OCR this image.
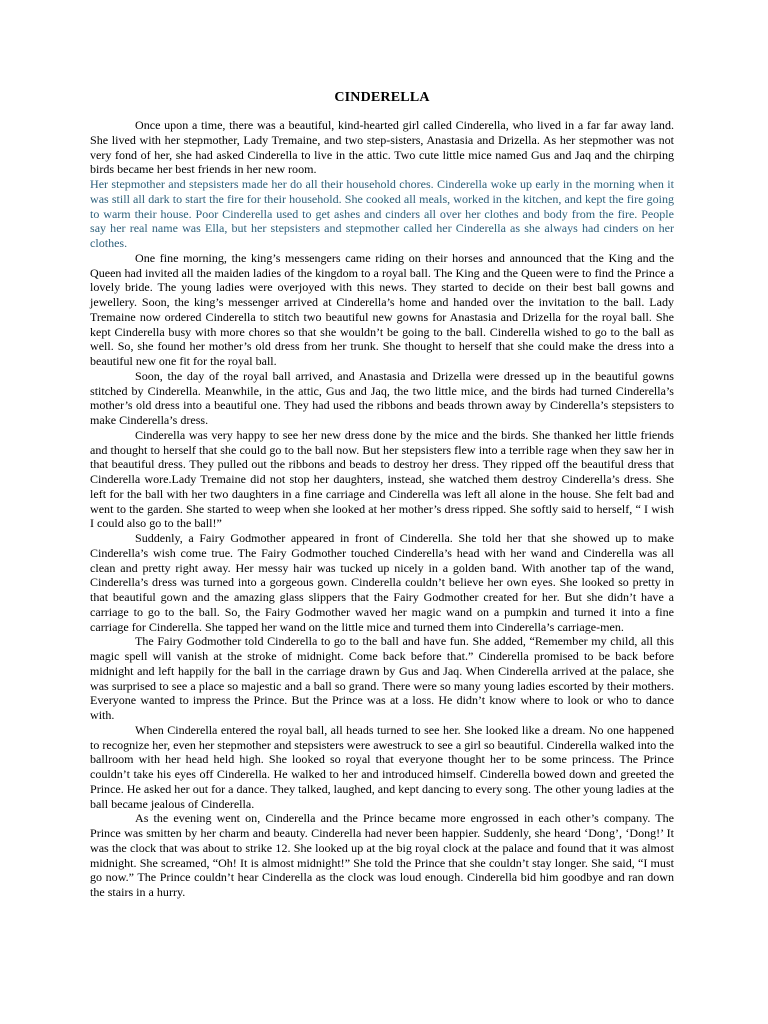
CINDERELLA

Once upon a time, there was a beautiful, kind-hearted girl called Cinderella, who lived in a far far away land. She lived with her stepmother, Lady Tremaine, and two step-sisters, Anastasia and Drizella. As her stepmother was not very fond of her, she had asked Cinderella to live in the attic. Two cute little mice named Gus and Jaq and the chirping birds became her best friends in her new room.

Her stepmother and stepsisters made her do all their household chores. Cinderella woke up early in the morning when it was still all dark to start the fire for their household. She cooked all meals, worked in the kitchen, and kept the fire going to warm their house. Poor Cinderella used to get ashes and cinders all over her clothes and body from the fire. People say her real name was Ella, but her stepsisters and stepmother called her Cinderella as she always had cinders on her clothes.

One fine morning, the king’s messengers came riding on their horses and announced that the King and the Queen had invited all the maiden ladies of the kingdom to a royal ball. The King and the Queen were to find the Prince a lovely bride. The young ladies were overjoyed with this news. They started to decide on their best ball gowns and jewellery. Soon, the king’s messenger arrived at Cinderella’s home and handed over the invitation to the ball. Lady Tremaine now ordered Cinderella to stitch two beautiful new gowns for Anastasia and Drizella for the royal ball. She kept Cinderella busy with more chores so that she wouldn’t be going to the ball. Cinderella wished to go to the ball as well. So, she found her mother’s old dress from her trunk. She thought to herself that she could make the dress into a beautiful new one fit for the royal ball.

Soon, the day of the royal ball arrived, and Anastasia and Drizella were dressed up in the beautiful gowns stitched by Cinderella. Meanwhile, in the attic, Gus and Jaq, the two little mice, and the birds had turned Cinderella’s mother’s old dress into a beautiful one. They had used the ribbons and beads thrown away by Cinderella’s stepsisters to make Cinderella’s dress.

Cinderella was very happy to see her new dress done by the mice and the birds. She thanked her little friends and thought to herself that she could go to the ball now. But her stepsisters flew into a terrible rage when they saw her in that beautiful dress. They pulled out the ribbons and beads to destroy her dress. They ripped off the beautiful dress that Cinderella wore.Lady Tremaine did not stop her daughters, instead, she watched them destroy Cinderella’s dress. She left for the ball with her two daughters in a fine carriage and Cinderella was left all alone in the house. She felt bad and went to the garden. She started to weep when she looked at her mother’s dress ripped. She softly said to herself, “ I wish I could also go to the ball!”

Suddenly, a Fairy Godmother appeared in front of Cinderella. She told her that she showed up to make Cinderella’s wish come true. The Fairy Godmother touched Cinderella’s head with her wand and Cinderella was all clean and pretty right away. Her messy hair was tucked up nicely in a golden band. With another tap of the wand, Cinderella’s dress was turned into a gorgeous gown. Cinderella couldn’t believe her own eyes. She looked so pretty in that beautiful gown and the amazing glass slippers that the Fairy Godmother created for her. But she didn’t have a carriage to go to the ball. So, the Fairy Godmother waved her magic wand on a pumpkin and turned it into a fine carriage for Cinderella. She tapped her wand on the little mice and turned them into Cinderella’s carriage-men.

The Fairy Godmother told Cinderella to go to the ball and have fun. She added, “Remember my child, all this magic spell will vanish at the stroke of midnight. Come back before that.” Cinderella promised to be back before midnight and left happily for the ball in the carriage drawn by Gus and Jaq. When Cinderella arrived at the palace, she was surprised to see a place so majestic and a ball so grand. There were so many young ladies escorted by their mothers. Everyone wanted to impress the Prince. But the Prince was at a loss. He didn’t know where to look or who to dance with.

When Cinderella entered the royal ball, all heads turned to see her. She looked like a dream. No one happened to recognize her, even her stepmother and stepsisters were awestruck to see a girl so beautiful. Cinderella walked into the ballroom with her head held high. She looked so royal that everyone thought her to be some princess. The Prince couldn’t take his eyes off Cinderella. He walked to her and introduced himself. Cinderella bowed down and greeted the Prince. He asked her out for a dance. They talked, laughed, and kept dancing to every song. The other young ladies at the ball became jealous of Cinderella.

As the evening went on, Cinderella and the Prince became more engrossed in each other’s company. The Prince was smitten by her charm and beauty. Cinderella had never been happier. Suddenly, she heard ‘Dong’, ‘Dong!’ It was the clock that was about to strike 12. She looked up at the big royal clock at the palace and found that it was almost midnight. She screamed, “Oh! It is almost midnight!” She told the Prince that she couldn’t stay longer. She said, “I must go now.” The Prince couldn’t hear Cinderella as the clock was loud enough. Cinderella bid him goodbye and ran down the stairs in a hurry.
